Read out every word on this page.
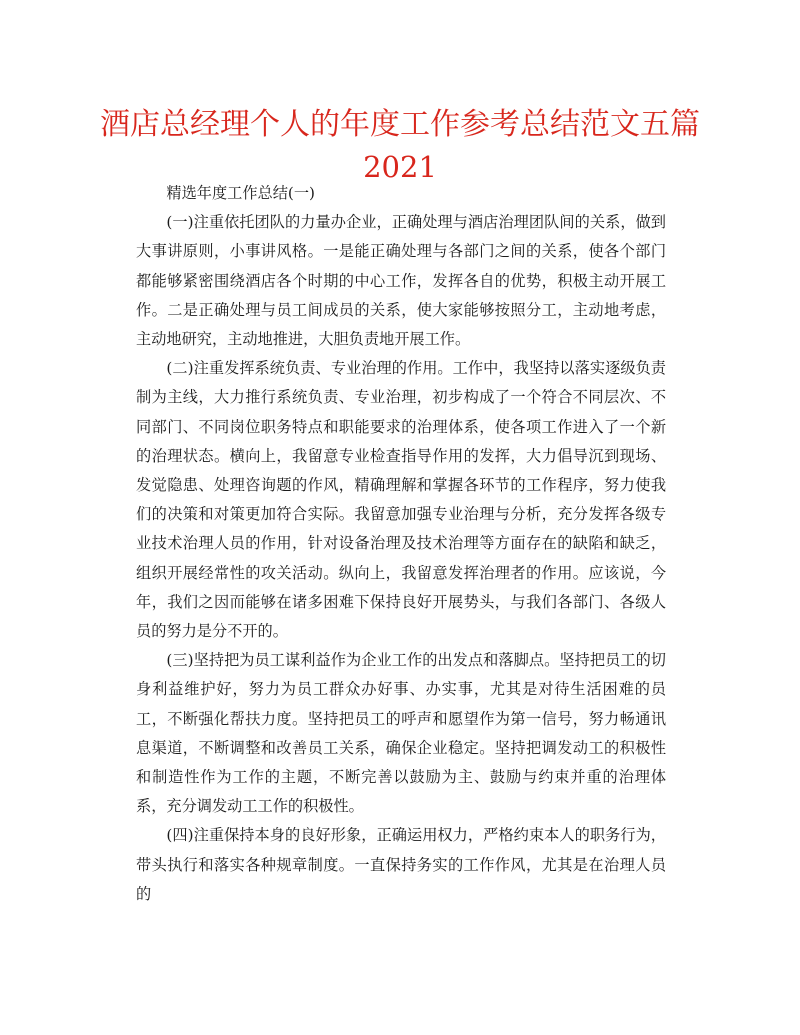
酒店总经理个人的年度工作参考总结范文五篇
2021

精选年度工作总结(一)

(一)注重依托团队的力量办企业，正确处理与酒店治理团队间的关系，做到大事讲原则，小事讲风格。一是能正确处理与各部门之间的关系，使各个部门都能够紧密围绕酒店各个时期的中心工作，发挥各自的优势，积极主动开展工作。二是正确处理与员工间成员的关系，使大家能够按照分工，主动地考虑，主动地研究，主动地推进，大胆负责地开展工作。

(二)注重发挥系统负责、专业治理的作用。工作中，我坚持以落实逐级负责制为主线，大力推行系统负责、专业治理，初步构成了一个符合不同层次、不同部门、不同岗位职务特点和职能要求的治理体系，使各项工作进入了一个新的治理状态。横向上，我留意专业检查指导作用的发挥，大力倡导沉到现场、发觉隐患、处理咨询题的作风，精确理解和掌握各环节的工作程序，努力使我们的决策和对策更加符合实际。我留意加强专业治理与分析，充分发挥各级专业技术治理人员的作用，针对设备治理及技术治理等方面存在的缺陷和缺乏，组织开展经常性的攻关活动。纵向上，我留意发挥治理者的作用。应该说，今年，我们之因而能够在诸多困难下保持良好开展势头，与我们各部门、各级人员的努力是分不开的。

(三)坚持把为员工谋利益作为企业工作的出发点和落脚点。坚持把员工的切身利益维护好，努力为员工群众办好事、办实事，尤其是对待生活困难的员工，不断强化帮扶力度。坚持把员工的呼声和愿望作为第一信号，努力畅通讯息渠道，不断调整和改善员工关系，确保企业稳定。坚持把调发动工的积极性和制造性作为工作的主题，不断完善以鼓励为主、鼓励与约束并重的治理体系，充分调发动工工作的积极性。

(四)注重保持本身的良好形象，正确运用权力，严格约束本人的职务行为，带头执行和落实各种规章制度。一直保持务实的工作作风，尤其是在治理人员的
